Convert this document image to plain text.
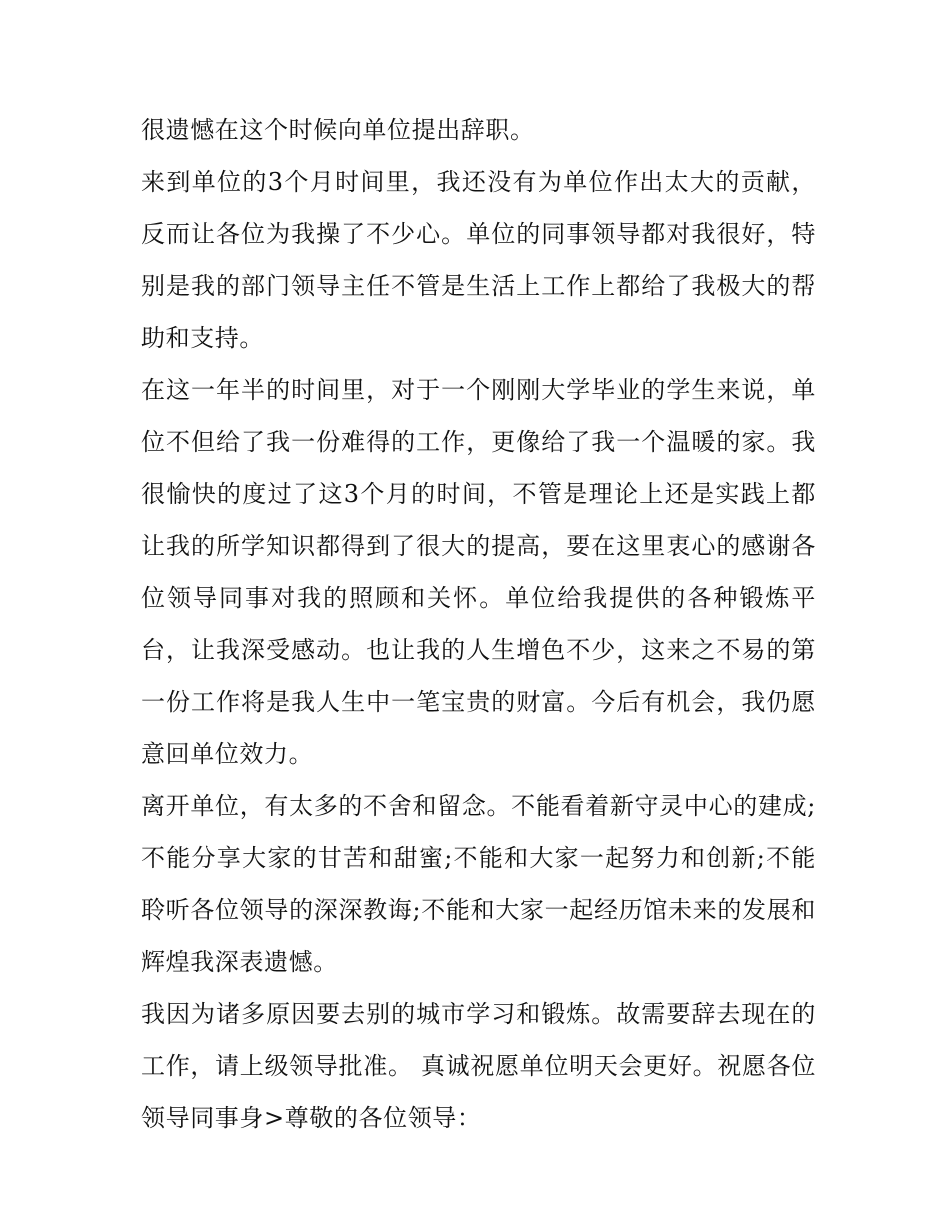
很遗憾在这个时候向单位提出辞职。

来到单位的3个月时间里，我还没有为单位作出太大的贡献，反而让各位为我操了不少心。单位的同事领导都对我很好，特别是我的部门领导主任不管是生活上工作上都给了我极大的帮助和支持。

在这一年半的时间里，对于一个刚刚大学毕业的学生来说，单位不但给了我一份难得的工作，更像给了我一个温暖的家。我很愉快的度过了这3个月的时间，不管是理论上还是实践上都让我的所学知识都得到了很大的提高，要在这里衷心的感谢各位领导同事对我的照顾和关怀。单位给我提供的各种锻炼平台，让我深受感动。也让我的人生增色不少，这来之不易的第一份工作将是我人生中一笔宝贵的财富。今后有机会，我仍愿意回单位效力。

离开单位，有太多的不舍和留念。不能看着新守灵中心的建成;不能分享大家的甘苦和甜蜜;不能和大家一起努力和创新;不能聆听各位领导的深深教诲;不能和大家一起经历馆未来的发展和辉煌我深表遗憾。

我因为诸多原因要去别的城市学习和锻炼。故需要辞去现在的工作，请上级领导批准。 真诚祝愿单位明天会更好。祝愿各位领导同事身>尊敬的各位领导：
